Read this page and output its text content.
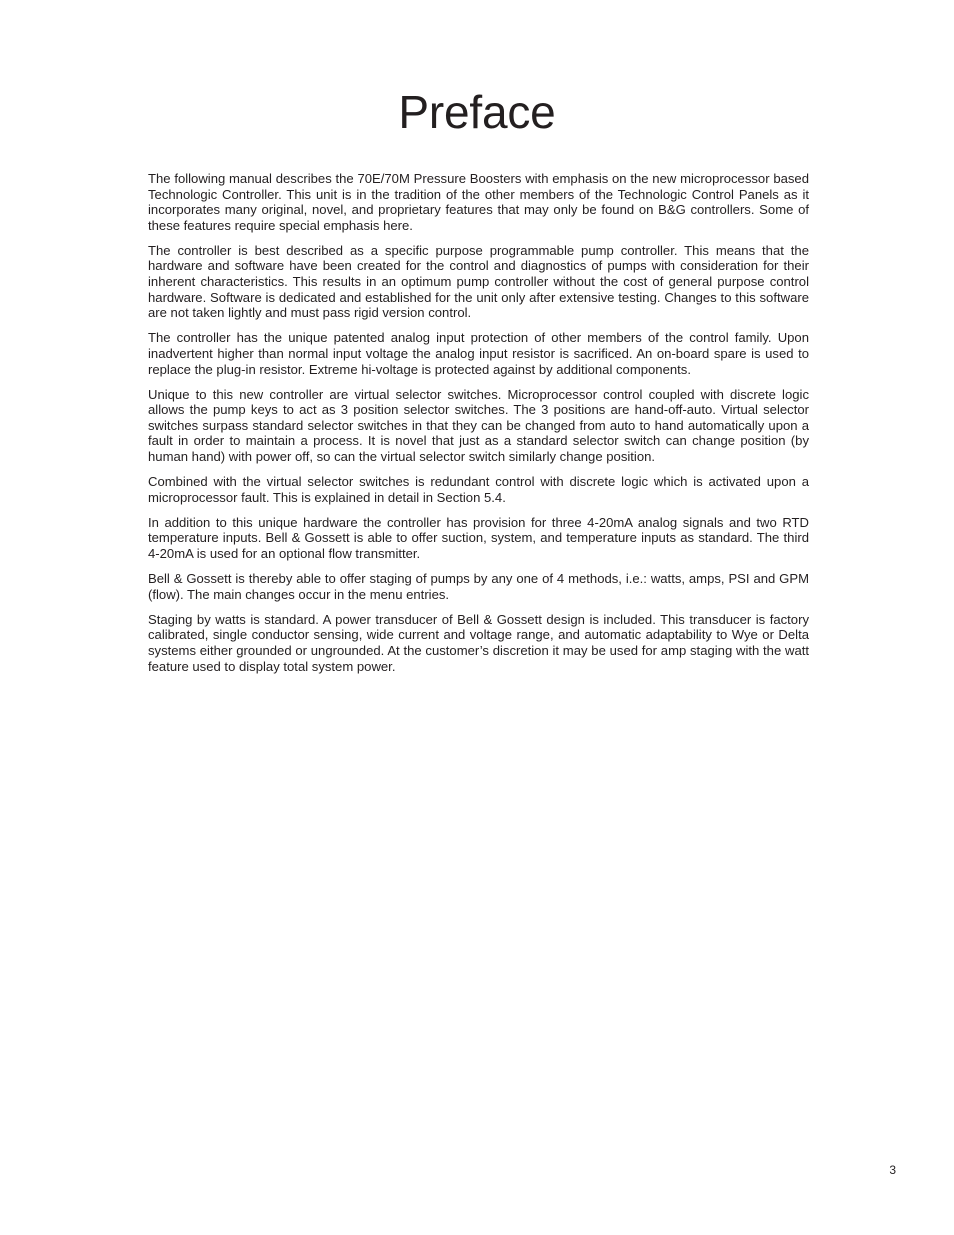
Preface

The following manual describes the 70E/70M Pressure Boosters with emphasis on the new microprocessor based Technologic Controller. This unit is in the tradition of the other members of the Technologic Control Panels as it incorporates many original, novel, and proprietary features that may only be found on B&G controllers. Some of these features require special emphasis here.

The controller is best described as a specific purpose programmable pump controller. This means that the hardware and software have been created for the control and diagnostics of pumps with consideration for their inherent characteristics. This results in an optimum pump controller without the cost of general purpose control hardware. Software is dedicated and established for the unit only after extensive testing. Changes to this software are not taken lightly and must pass rigid version control.

The controller has the unique patented analog input protection of other members of the control family. Upon inadvertent higher than normal input voltage the analog input resistor is sacrificed. An on-board spare is used to replace the plug-in resistor. Extreme hi-voltage is protected against by additional components.

Unique to this new controller are virtual selector switches. Microprocessor control coupled with discrete logic allows the pump keys to act as 3 position selector switches. The 3 positions are hand-off-auto. Virtual selector switches surpass standard selector switches in that they can be changed from auto to hand automatically upon a fault in order to maintain a process. It is novel that just as a standard selector switch can change position (by human hand) with power off, so can the virtual selector switch similarly change position.

Combined with the virtual selector switches is redundant control with discrete logic which is activated upon a microprocessor fault. This is explained in detail in Section 5.4.

In addition to this unique hardware the controller has provision for three 4-20mA analog signals and two RTD temperature inputs. Bell & Gossett is able to offer suction, system, and temperature inputs as standard. The third 4-20mA is used for an optional flow transmitter.

Bell & Gossett is thereby able to offer staging of pumps by any one of 4 methods, i.e.: watts, amps, PSI and GPM (flow). The main changes occur in the menu entries.

Staging by watts is standard. A power transducer of Bell & Gossett design is included. This transducer is factory calibrated, single conductor sensing, wide current and voltage range, and automatic adaptability to Wye or Delta systems either grounded or ungrounded. At the customer’s discretion it may be used for amp staging with the watt feature used to display total system power.

3
